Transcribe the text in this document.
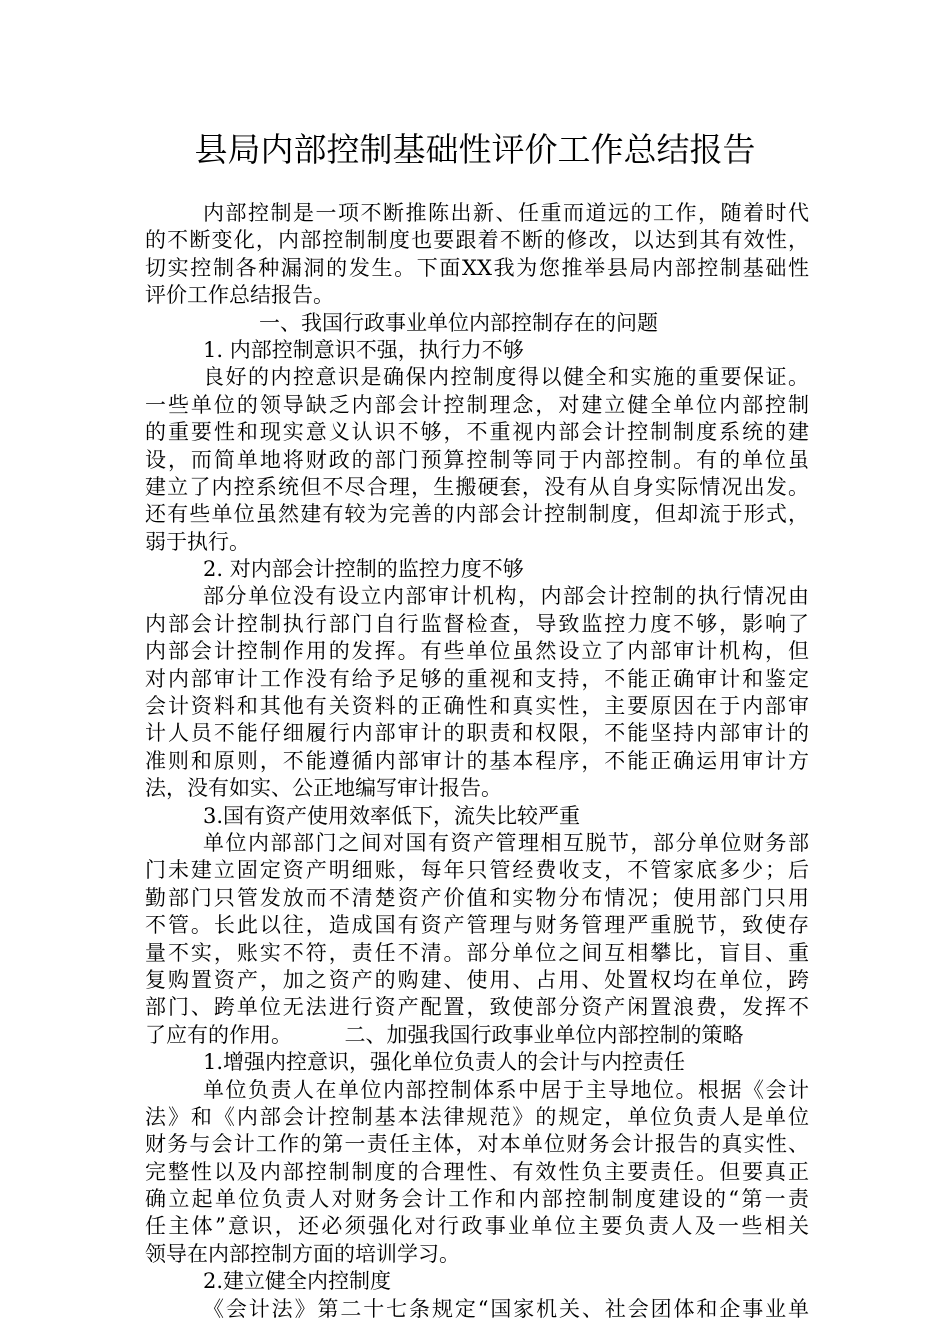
县局内部控制基础性评价工作总结报告
内部控制是一项不断推陈出新、任重而道远的工作，随着时代
的不断变化，内部控制制度也要跟着不断的修改，以达到其有效性，
切实控制各种漏洞的发生。下面XX我为您推举县局内部控制基础性
评价工作总结报告。
一、我国行政事业单位内部控制存在的问题
1. 内部控制意识不强，执行力不够
良好的内控意识是确保内控制度得以健全和实施的重要保证。
一些单位的领导缺乏内部会计控制理念，对建立健全单位内部控制
的重要性和现实意义认识不够，不重视内部会计控制制度系统的建
设，而简单地将财政的部门预算控制等同于内部控制。有的单位虽
建立了内控系统但不尽合理，生搬硬套，没有从自身实际情况出发。
还有些单位虽然建有较为完善的内部会计控制制度，但却流于形式，
弱于执行。
2. 对内部会计控制的监控力度不够
部分单位没有设立内部审计机构，内部会计控制的执行情况由
内部会计控制执行部门自行监督检查，导致监控力度不够，影响了
内部会计控制作用的发挥。有些单位虽然设立了内部审计机构，但
对内部审计工作没有给予足够的重视和支持，不能正确审计和鉴定
会计资料和其他有关资料的正确性和真实性，主要原因在于内部审
计人员不能仔细履行内部审计的职责和权限，不能坚持内部审计的
准则和原则，不能遵循内部审计的基本程序，不能正确运用审计方
法，没有如实、公正地编写审计报告。
3.国有资产使用效率低下，流失比较严重
单位内部部门之间对国有资产管理相互脱节，部分单位财务部
门未建立固定资产明细账，每年只管经费收支，不管家底多少；后
勤部门只管发放而不清楚资产价值和实物分布情况；使用部门只用
不管。长此以往，造成国有资产管理与财务管理严重脱节，致使存
量不实，账实不符，责任不清。部分单位之间互相攀比，盲目、重
复购置资产，加之资产的购建、使用、占用、处置权均在单位，跨
部门、跨单位无法进行资产配置，致使部分资产闲置浪费，发挥不
了应有的作用。　　　二、加强我国行政事业单位内部控制的策略
1.增强内控意识，强化单位负责人的会计与内控责任
单位负责人在单位内部控制体系中居于主导地位。根据《会计
法》和《内部会计控制基本法律规范》的规定，单位负责人是单位
财务与会计工作的第一责任主体，对本单位财务会计报告的真实性、
完整性以及内部控制制度的合理性、有效性负主要责任。但要真正
确立起单位负责人对财务会计工作和内部控制制度建设的“第一责
任主体”意识，还必须强化对行政事业单位主要负责人及一些相关
领导在内部控制方面的培训学习。
2.建立健全内控制度
《会计法》第二十七条规定“国家机关、社会团体和企事业单
